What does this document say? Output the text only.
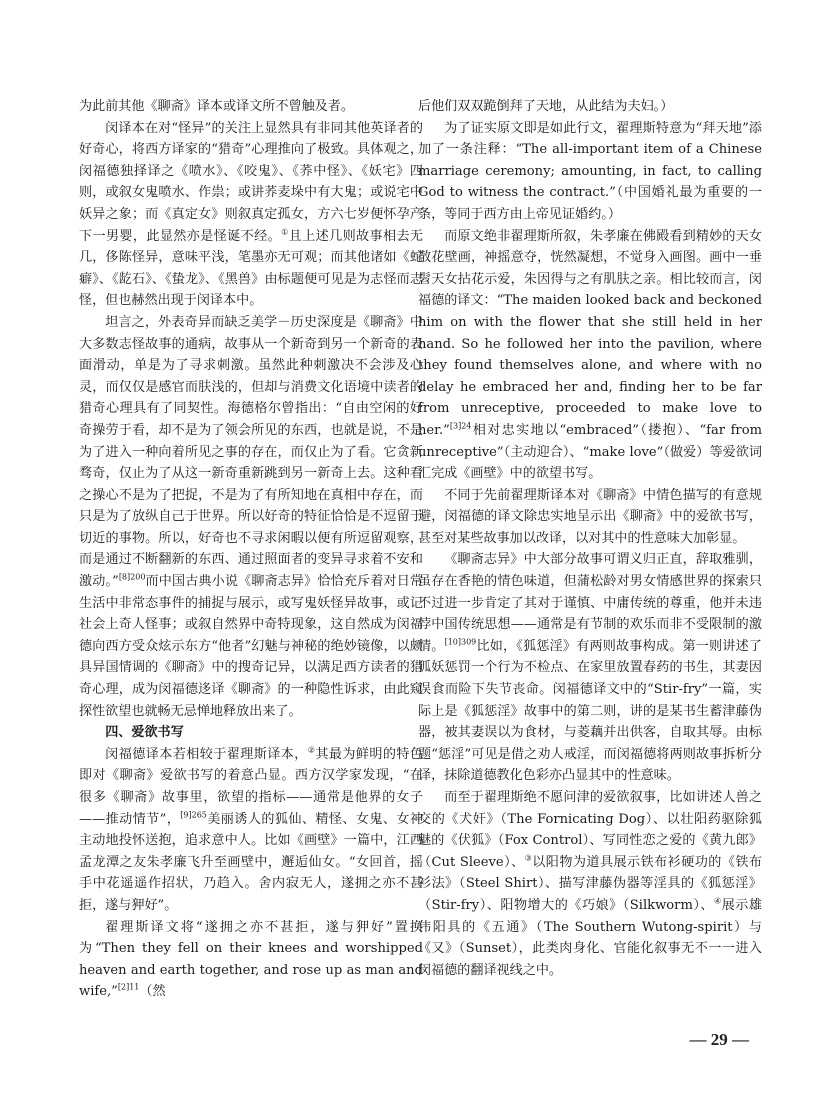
为此前其他《聊斋》译本或译文所不曾触及者。

闵译本在对“怪异”的关注上显然具有非同其他英译者的好奇心，将西方译家的“猎奇”心理推向了极致。具体观之，闵福德独择译之《喷水》、《咬鬼》、《荞中怪》、《妖宅》四则，或叙女鬼喷水、作祟；或讲荞麦垛中有大鬼；或说宅中妖异之象；而《真定女》则叙真定孤女，方六七岁便怀孕产下一男婴，此显然亦是怪诞不经。①且上述几则故事相去无几，侈陈怪异，意味平浅，笔墨亦无可观；而其他诸如《蛇癖》、《龁石》、《蛰龙》、《黑兽》由标题便可见是为志怪而志怪，但也赫然出现于闵译本中。

坦言之，外表奇异而缺乏美学－历史深度是《聊斋》中大多数志怪故事的通病，故事从一个新奇到另一个新奇的表面滑动，单是为了寻求刺激。虽然此种刺激决不会涉及心灵，而仅仅是感官而肤浅的，但却与消费文化语境中读者的猎奇心理具有了同契性。海德格尔曾指出：“自由空闲的好奇操劳于看，却不是为了领会所见的东西，也就是说，不是为了进入一种向着所见之事的存在，而仅止为了看。它贪新骛奇，仅止为了从这一新奇重新跳到另一新奇上去。这种看之操心不是为了把捉，不是为了有所知地在真相中存在，而只是为了放纵自己于世界。所以好奇的特征恰恰是不逗留于切近的事物。所以，好奇也不寻求闲暇以便有所逗留观察，而是通过不断翻新的东西、通过照面者的变异寻求着不安和激动。”$^{[8]200}$而中国古典小说《聊斋志异》恰恰充斥着对日常生活中非常态事件的捕捉与展示，或写鬼妖怪异故事，或记社会上奇人怪事；或叙自然界中奇特现象，这自然成为闵福德向西方受众炫示东方“他者”幻魅与神秘的绝妙镜像，以颇具异国情调的《聊斋》中的搜奇记异，以满足西方读者的猎奇心理，成为闵福德迻译《聊斋》的一种隐性诉求，由此窥探性欲望也就畅无忌惮地释放出来了。

四、爱欲书写

闵福德译本若相较于翟理斯译本，②其最为鲜明的特色即对《聊斋》爱欲书写的着意凸显。西方汉学家发现，“在很多《聊斋》故事里，欲望的指标——通常是他界的女子——推动情节”，$^{[9]265}$美丽诱人的狐仙、精怪、女鬼、女神主动地投怀送抱，追求意中人。比如《画壁》一篇中，江西孟龙潭之友朱孝廉飞升至画壁中，邂逅仙女。“女回首，摇手中花遥遥作招状，乃趋入。舍内寂无人，遂拥之亦不甚拒，遂与狎好”。

翟理斯译文将“遂拥之亦不甚拒，遂与狎好”置换为“Then they fell on their knees and worshipped heaven and earth together, and rose up as man and wife,”$^{[2]11}$（然

后他们双双跪倒拜了天地，从此结为夫妇。）

为了证实原文即是如此行文，翟理斯特意为“拜天地”添加了一条注释：“The all-important item of a Chinese marriage ceremony; amounting, in fact, to calling God to witness the contract.”（中国婚礼最为重要的一条，等同于西方由上帝见证婚约。）

而原文绝非翟理斯所叙，朱孝廉在佛殿看到精妙的天女散花壁画，神摇意夺，恍然凝想，不觉身入画图。画中一垂髫天女拈花示爱，朱因得与之有肌肤之亲。相比较而言，闵福德的译文：“The maiden looked back and beckoned him on with the flower that she still held in her hand. So he followed her into the pavilion, where they found themselves alone, and where with no delay he embraced her and, finding her to be far from unreceptive, proceeded to make love to her.”$^{[3]24}$相对忠实地以“embraced”（搂抱）、“far from unreceptive”（主动迎合）、“make love”（做爱）等爱欲词汇完成《画壁》中的欲望书写。

不同于先前翟理斯译本对《聊斋》中情色描写的有意规避，闵福德的译文除忠实地呈示出《聊斋》中的爱欲书写，甚至对某些故事加以改译，以对其中的性意味大加彰显。

《聊斋志异》中大部分故事可谓义归正直，辞取雅驯，虽存在香艳的情色味道，但蒲松龄对男女情感世界的探索只不过进一步肯定了其对于谨慎、中庸传统的尊重，他并未违悖中国传统思想——通常是有节制的欢乐而非不受限制的激情。$^{[10]309}$比如，《狐惩淫》有两则故事构成。第一则讲述了狐妖惩罚一个行为不检点、在家里放置春药的书生，其妻因误食而险下失节丧命。闵福德译文中的“Stir-fry”一篇，实际上是《狐惩淫》故事中的第二则，讲的是某书生蓄津藤伪器，被其妻误以为食材，与菱藕并出供客，自取其辱。由标题“惩淫”可见是借之劝人戒淫，而闵福德将两则故事拆析分译，抹除道德教化色彩亦凸显其中的性意味。

而至于翟理斯绝不愿问津的爱欲叙事，比如讲述人兽之交的《犬奸》（The Fornicating Dog）、以壮阳药驱除狐魅的《伏狐》（Fox Control）、写同性恋之爱的《黄九郎》（Cut Sleeve）、③以阳物为道具展示铁布衫硬功的《铁布衫法》（Steel Shirt）、描写津藤伪器等淫具的《狐惩淫》（Stir-fry）、阳物增大的《巧娘》（Silkworm）、④展示雄伟阳具的《五通》（The Southern Wutong-spirit）与《又》（Sunset），此类肉身化、官能化叙事无不一一进入闵福德的翻译视线之中。

— 29 —
